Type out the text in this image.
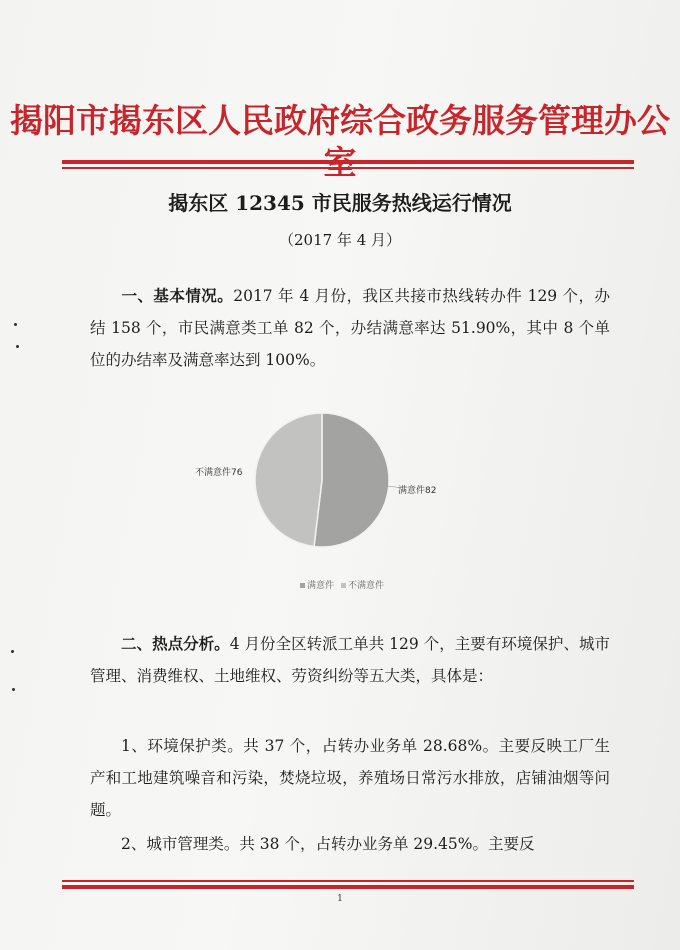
揭阳市揭东区人民政府综合政务服务管理办公
揭东区 12345 市民服务热线运行情况
（2017 年 4 月）

一、基本情况。2017 年 4 月份，我区共接市热线转办件 129 个，办结 158 个，市民满意类工单 82 个，办结满意率达 51.90%，其中 8 个单位的办结率及满意率达到 100%。

不满意件76
满意件82
满意件 不满意件

二、热点分析。4 月份全区转派工单共 129 个，主要有环境保护、城市管理、消费维权、土地维权、劳资纠纷等五大类，具体是：

1、环境保护类。共 37 个，占转办业务单 28.68%。主要反映工厂生产和工地建筑噪音和污染，焚烧垃圾，养殖场日常污水排放，店铺油烟等问题。

2、城市管理类。共 38 个，占转办业务单 29.45%。主要反

1
